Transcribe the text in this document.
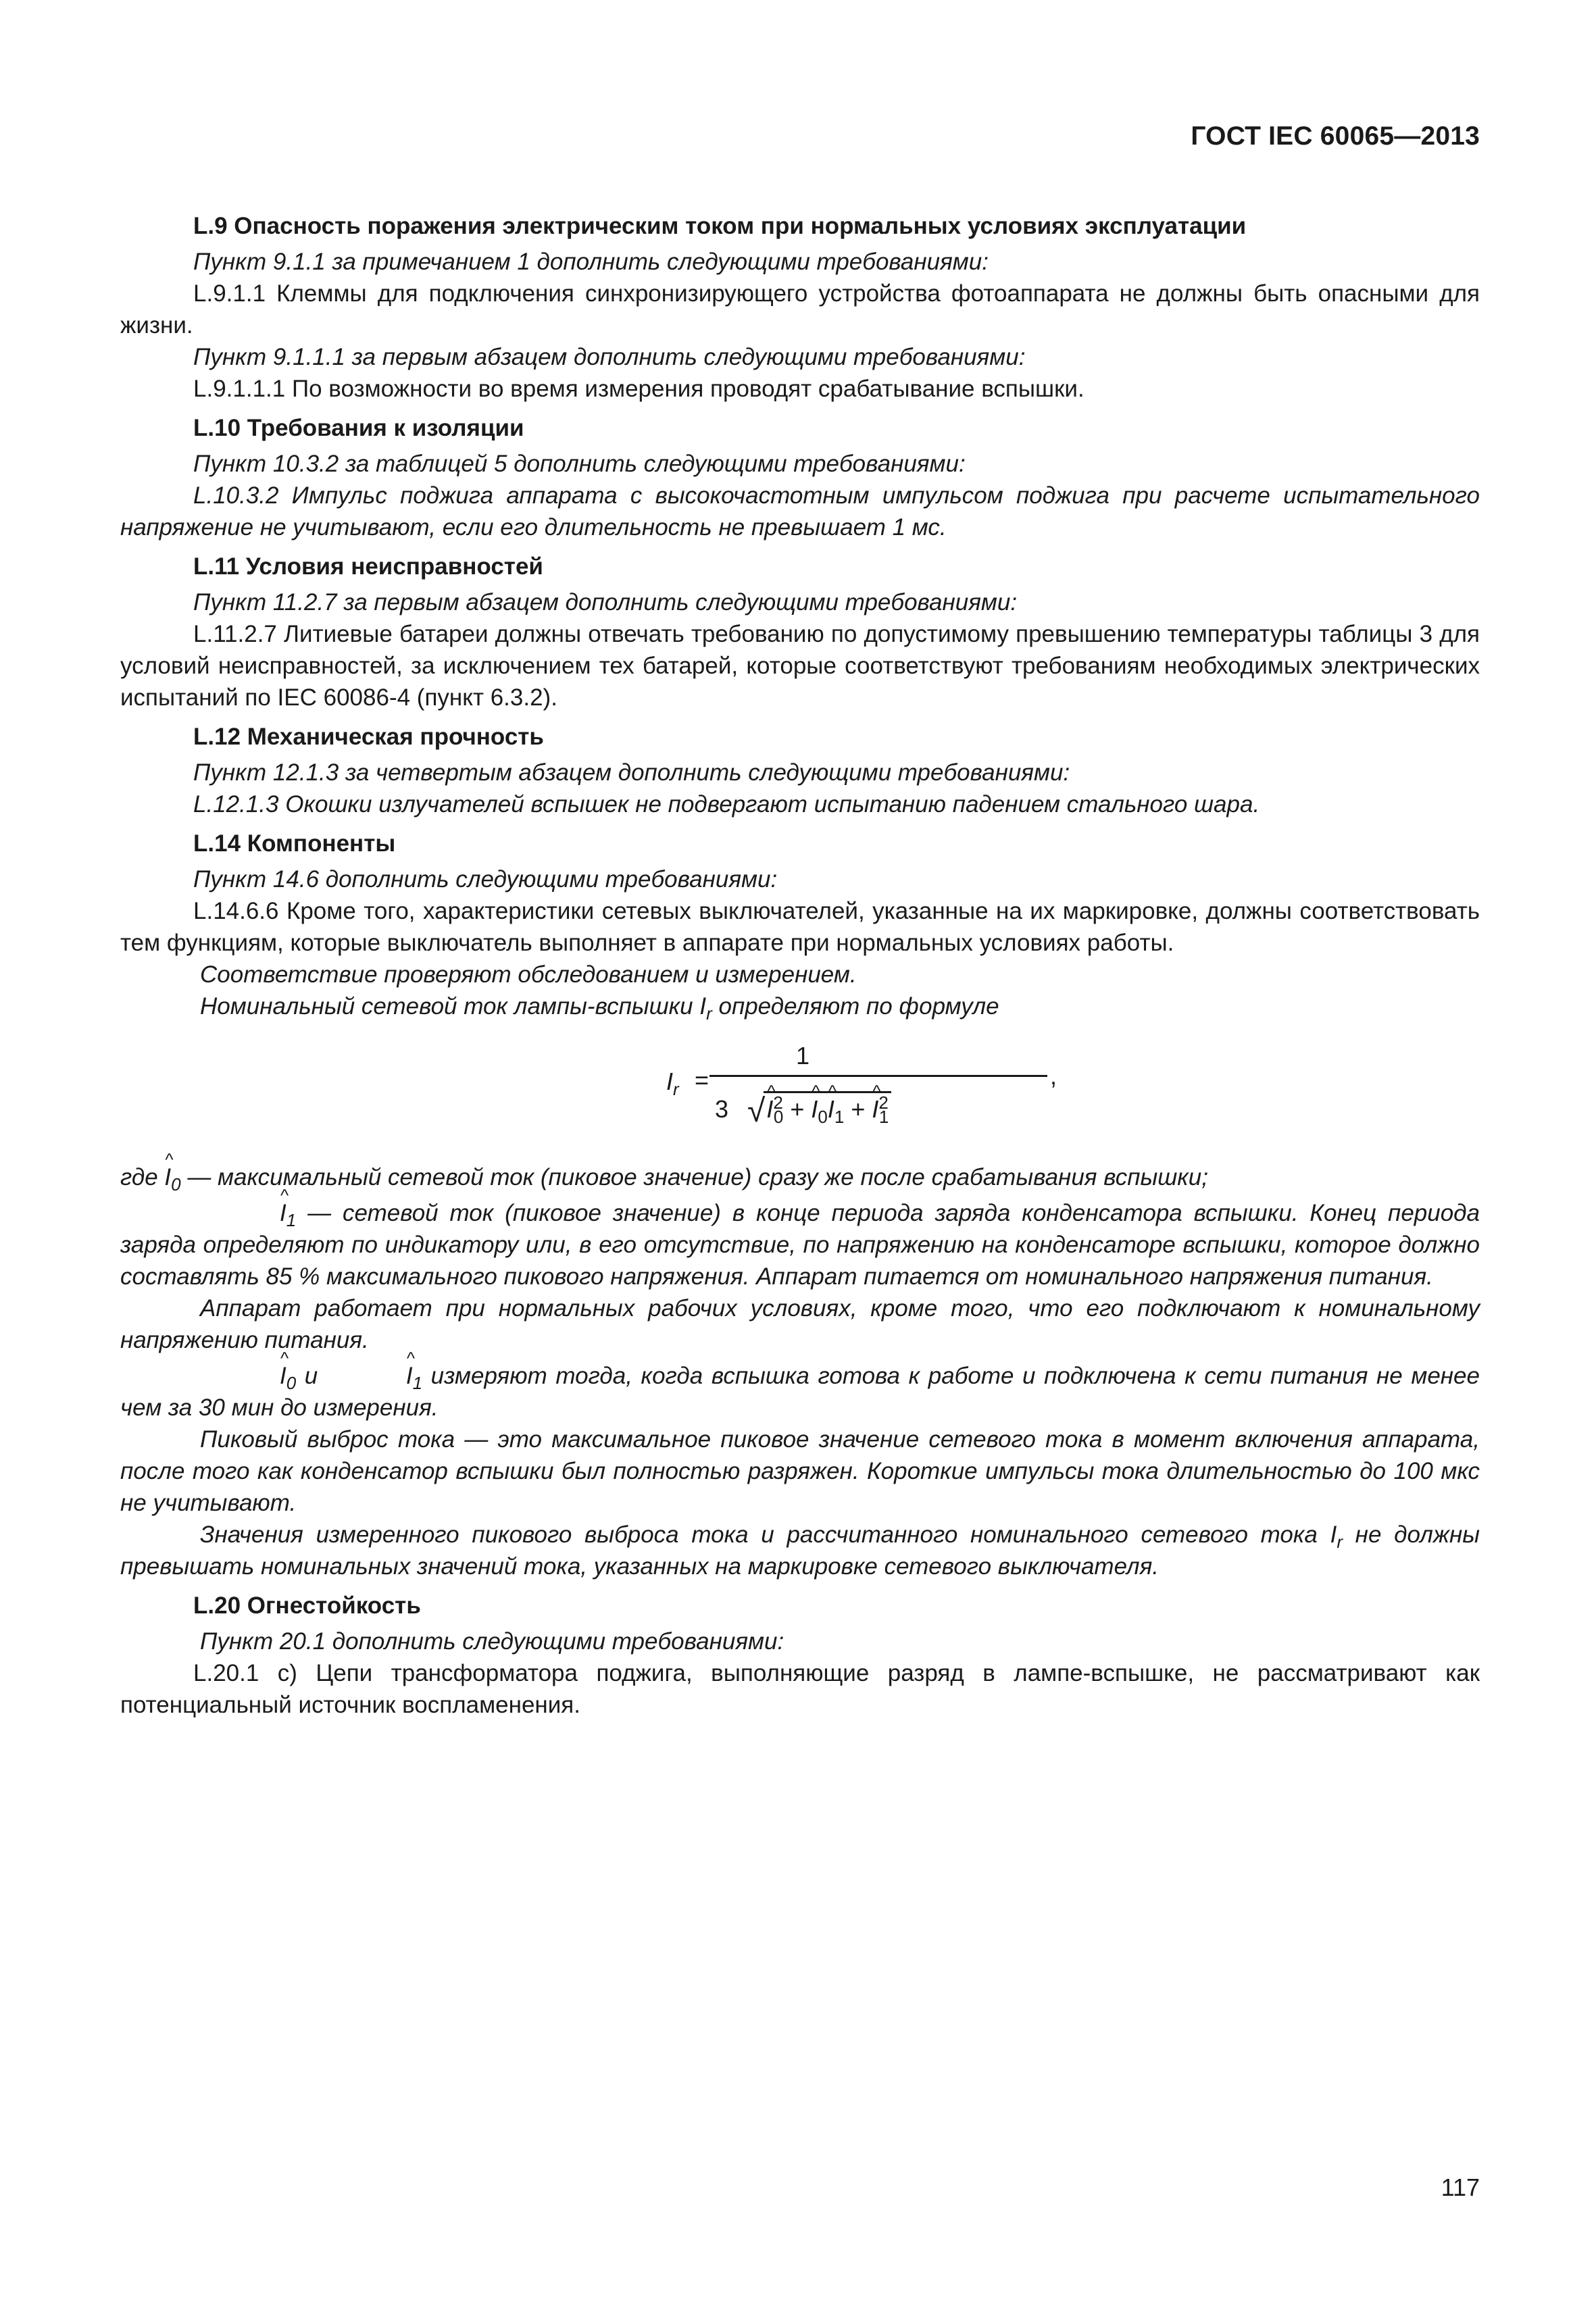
ГОСТ IEC 60065—2013

L.9 Опасность поражения электрическим током при нормальных условиях эксплуатации

Пункт 9.1.1 за примечанием 1 дополнить следующими требованиями:

L.9.1.1 Клеммы для подключения синхронизирующего устройства фотоаппарата не должны быть опасными для жизни.

Пункт 9.1.1.1 за первым абзацем дополнить следующими требованиями:

L.9.1.1.1 По возможности во время измерения проводят срабатывание вспышки.

L.10 Требования к изоляции

Пункт 10.3.2 за таблицей 5 дополнить следующими требованиями:

L.10.3.2 Импульс поджига аппарата с высокочастотным импульсом поджига при расчете испытательного напряжение не учитывают, если его длительность не превышает 1 мс.

L.11 Условия неисправностей

Пункт 11.2.7 за первым абзацем дополнить следующими требованиями:

L.11.2.7 Литиевые батареи должны отвечать требованию по допустимому превышению температуры таблицы 3 для условий неисправностей, за исключением тех батарей, которые соответствуют требованиям необходимых электрических испытаний по IEC 60086-4 (пункт 6.3.2).

L.12 Механическая прочность

Пункт 12.1.3 за четвертым абзацем дополнить следующими требованиями:

L.12.1.3 Окошки излучателей вспышек не подвергают испытанию падением стального шара.

L.14 Компоненты

Пункт 14.6 дополнить следующими требованиями:

L.14.6.6 Кроме того, характеристики сетевых выключателей, указанные на их маркировке, должны соответствовать тем функциям, которые выключатель выполняет в аппарате при нормальных условиях работы.

Соответствие проверяют обследованием и измерением.

Номинальный сетевой ток лампы-вспышки $I_r$ определяют по формуле

$I_r$ =
1
,
3 √I ^$^2_0$ + I $\^{}_0I$ $\^{}_1 + I$ ^$^2_1$

где I $\^{}_0$ — максимальный сетевой ток (пиковое значение) сразу же после срабатывания вспышки;

I $\^{}_1$ — сетевой ток (пиковое значение) в конце периода заряда конденсатора вспышки. Конец периода заряда определяют по индикатору или, в его отсутствие, по напряжению на конденсаторе вспышки, которое должно составлять 85 % максимального пикового напряжения. Аппарат питается от номинального напряжения питания.

Аппарат работает при нормальных рабочих условиях, кроме того, что его подключают к номинальному напряжению питания.

I $\^{}_0$ и	I $\^{}_1$ измеряют тогда, когда вспышка готова к работе и подключена к сети питания не менее чем за 30 мин до измерения.

Пиковый выброс тока — это максимальное пиковое значение сетевого тока в момент включения аппарата, после того как конденсатор вспышки был полностью разряжен. Короткие импульсы тока длительностью до 100 мкс не учитывают.

Значения измеренного пикового выброса тока и рассчитанного номинального сетевого тока $I_r$ не должны превышать номинальных значений тока, указанных на маркировке сетевого выключателя.

L.20 Огнестойкость

Пункт 20.1 дополнить следующими требованиями:

L.20.1 с) Цепи трансформатора поджига, выполняющие разряд в лампе-вспышке, не рассматривают как потенциальный источник воспламенения.

117
